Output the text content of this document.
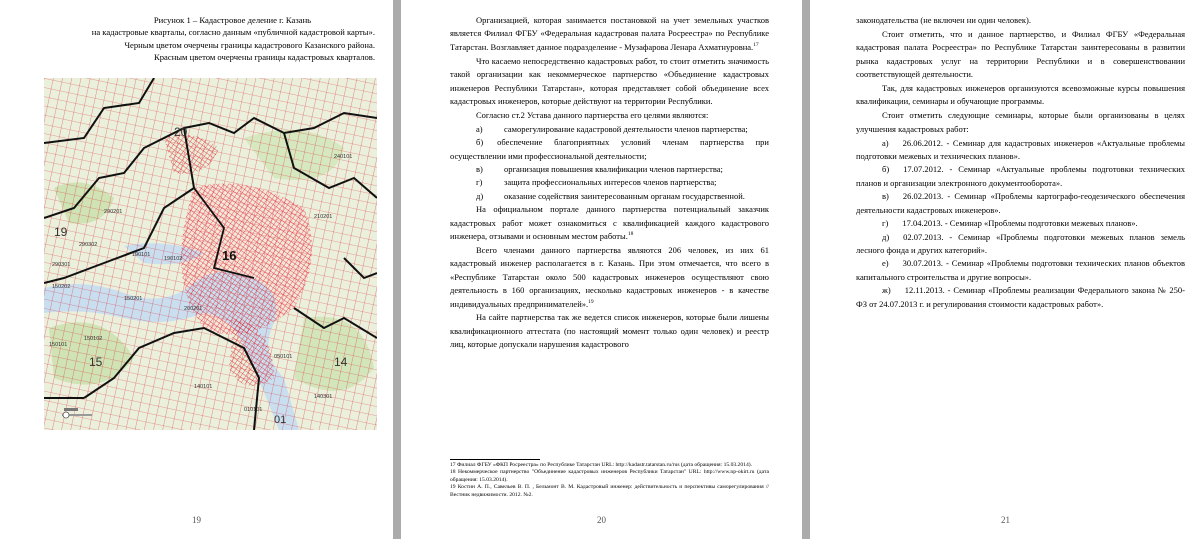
Рисунок 1 – Кадастровое деление г. Казань
на кадастровые кварталы, согласно данным «публичной кадастровой карты».
Черным цветом очерчены границы кадастрового Казанского района.
Красным цветом очерчены границы кадастровых кварталов.
20
19
16
15	14
01
290201
290302
290301
190101
190102
150201
150202
150102
150101
210201
240101
200201
140101
140301
050101
010101
19

Организацией, которая занимается постановкой на учет земельных участков является Филиал ФГБУ «Федеральная кадастровая палата Росреестра» по Республике Татарстан. Возглавляет данное подразделение - Музафарова Ленара Ахматнуровна.$^{17}$

Что касаемо непосредственно кадастровых работ, то стоит отметить значимость такой организации как некоммерческое партнерство «Объединение кадастровых инженеров Республики Татарстан», которая представляет собой объединение всех кадастровых инженеров, которые действуют на территории Республики.

Согласно ст.2 Устава данного партнерства его целями являются:

а)	саморегулирование кадастровой деятельности членов партнерства;
б) обеспечение благоприятных условий членам партнерства при осуществлении ими профессиональной деятельности;
в)	организация повышения квалификации членов партнерства;
г)	защита профессиональных интересов членов партнерства;
д)	оказание содействия заинтересованным органам государственной.

На официальном портале данного партнерства потенциальный заказчик кадастровых работ может ознакомиться с квалификацией каждого кадастрового инженера, отзывами и основным местом работы.$^{18}$

Всего членами данного партнерства являются 206 человек, из них 61 кадастровый инженер располагается в г. Казань. При этом отмечается, что всего в «Республике Татарстан около 500 кадастровых инженеров осуществляют свою деятельность в 160 организациях, несколько кадастровых инженеров - в качестве индивидуальных предпринимателей».$^{19}$

На сайте партнерства так же ведется список инженеров, которые были лишены квалификационного аттестата (по настоящий момент только один человек) и реестр лиц, которые допускали нарушения кадастрового

17 Филиал ФГБУ «ФКП Росреестра» по Республике Татарстан URL: http://kadastr.tatarstan.ru/rus (дата обращения: 15.03.2014).
18 Некоммерческое партнерство "Объединение кадастровых инженеров Республики Татарстан" URL: http://www.np-okirt.ru (дата обращения: 15.03.2014).
19 Костин А. П., Савельев В. П. , Бельмонт В. М. Кадастровый инженер: действительность и перспективы саморегулирования // Вестник недвижимости. 2012. №2.
20

законодательства (не включен ни один человек).

Стоит отметить, что и данное партнерство, и Филиал ФГБУ «Федеральная кадастровая палата Росреестра» по Республике Татарстан заинтересованы в развитии рынка кадастровых услуг на территории Республики и в совершенствовании соответствующей деятельности.

Так, для кадастровых инженеров организуются всевозможные курсы повышения квалификации, семинары и обучающие программы.

Стоит отметить следующие семинары, которые были организованы в целях улучшения кадастровых работ:

а) 26.06.2012. - Семинар для кадастровых инженеров «Актуальные проблемы подготовки межевых и технических планов».
б) 17.07.2012. - Семинар «Актуальные проблемы подготовки технических планов и организации электронного документооборота».
в) 26.02.2013. - Семинар «Проблемы картографо-геодезического обеспечения деятельности кадастровых инженеров».
г) 17.04.2013. - Семинар «Проблемы подготовки межевых планов».
д) 02.07.2013. - Семинар «Проблемы подготовки межевых планов земель лесного фонда и других категорий».
е) 30.07.2013. - Семинар «Проблемы подготовки технических планов объектов капитального строительства и другие вопросы».
ж) 12.11.2013. - Семинар «Проблемы реализации Федерального закона № 250-ФЗ от 24.07.2013 г. и регулирования стоимости кадастровых работ».
21
